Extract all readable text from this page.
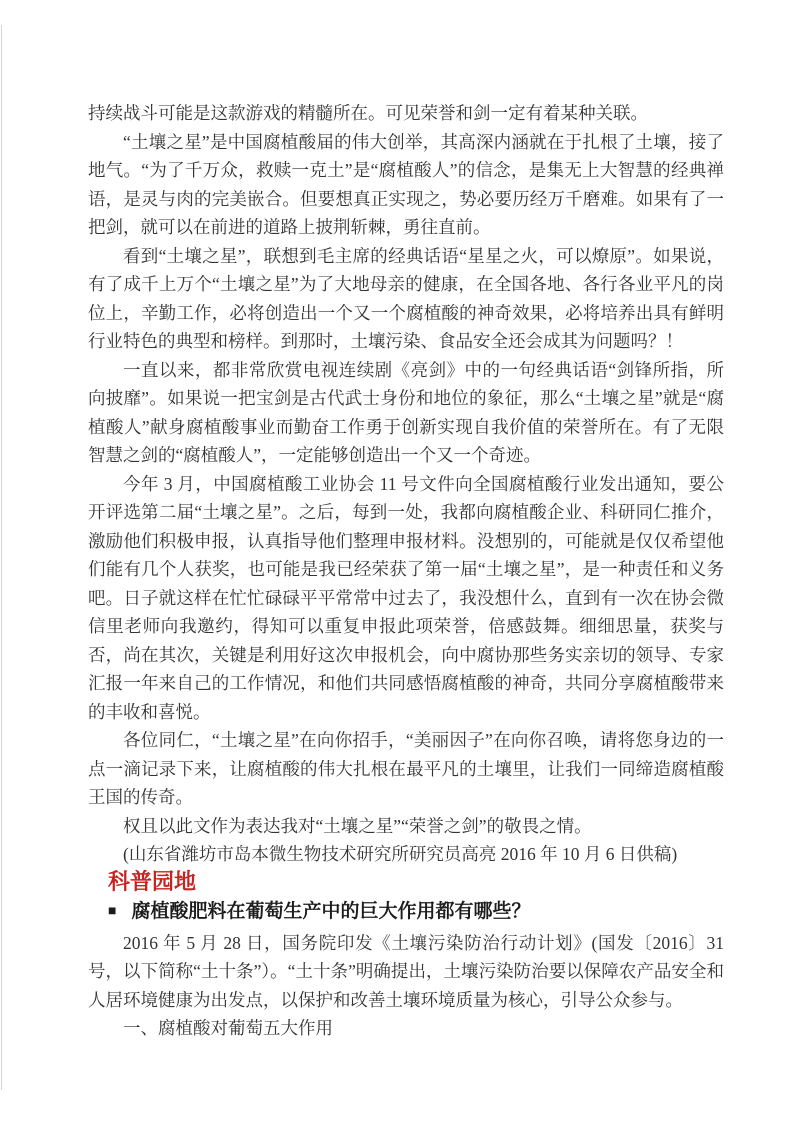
持续战斗可能是这款游戏的精髓所在。可见荣誉和剑一定有着某种关联。

“土壤之星”是中国腐植酸届的伟大创举，其高深内涵就在于扎根了土壤，接了地气。“为了千万众，救赎一克土”是“腐植酸人”的信念，是集无上大智慧的经典禅语，是灵与肉的完美嵌合。但要想真正实现之，势必要历经万千磨难。如果有了一把剑，就可以在前进的道路上披荆斩棘，勇往直前。

看到“土壤之星”，联想到毛主席的经典话语“星星之火，可以燎原”。如果说，有了成千上万个“土壤之星”为了大地母亲的健康，在全国各地、各行各业平凡的岗位上，辛勤工作，必将创造出一个又一个腐植酸的神奇效果，必将培养出具有鲜明行业特色的典型和榜样。到那时，土壤污染、食品安全还会成其为问题吗？！

一直以来，都非常欣赏电视连续剧《亮剑》中的一句经典话语“剑锋所指，所向披靡”。如果说一把宝剑是古代武士身份和地位的象征，那么“土壤之星”就是“腐植酸人”献身腐植酸事业而勤奋工作勇于创新实现自我价值的荣誉所在。有了无限智慧之剑的“腐植酸人”，一定能够创造出一个又一个奇迹。

今年 3 月，中国腐植酸工业协会 11 号文件向全国腐植酸行业发出通知，要公开评选第二届“土壤之星”。之后，每到一处，我都向腐植酸企业、科研同仁推介，激励他们积极申报，认真指导他们整理申报材料。没想别的，可能就是仅仅希望他们能有几个人获奖，也可能是我已经荣获了第一届“土壤之星”，是一种责任和义务吧。日子就这样在忙忙碌碌平平常常中过去了，我没想什么，直到有一次在协会微信里老师向我邀约，得知可以重复申报此项荣誉，倍感鼓舞。细细思量，获奖与否，尚在其次，关键是利用好这次申报机会，向中腐协那些务实亲切的领导、专家汇报一年来自己的工作情况，和他们共同感悟腐植酸的神奇，共同分享腐植酸带来的丰收和喜悦。

各位同仁，“土壤之星”在向你招手，“美丽因子”在向你召唤，请将您身边的一点一滴记录下来，让腐植酸的伟大扎根在最平凡的土壤里，让我们一同缔造腐植酸王国的传奇。

权且以此文作为表达我对“土壤之星”“荣誉之剑”的敬畏之情。

(山东省潍坊市岛本微生物技术研究所研究员高亮 2016 年 10 月 6 日供稿)

科普园地
■ 腐植酸肥料在葡萄生产中的巨大作用都有哪些？

2016 年 5 月 28 日，国务院印发《土壤污染防治行动计划》(国发〔2016〕31 号，以下简称“土十条”）。“土十条”明确提出，土壤污染防治要以保障农产品安全和人居环境健康为出发点，以保护和改善土壤环境质量为核心，引导公众参与。

一、腐植酸对葡萄五大作用
